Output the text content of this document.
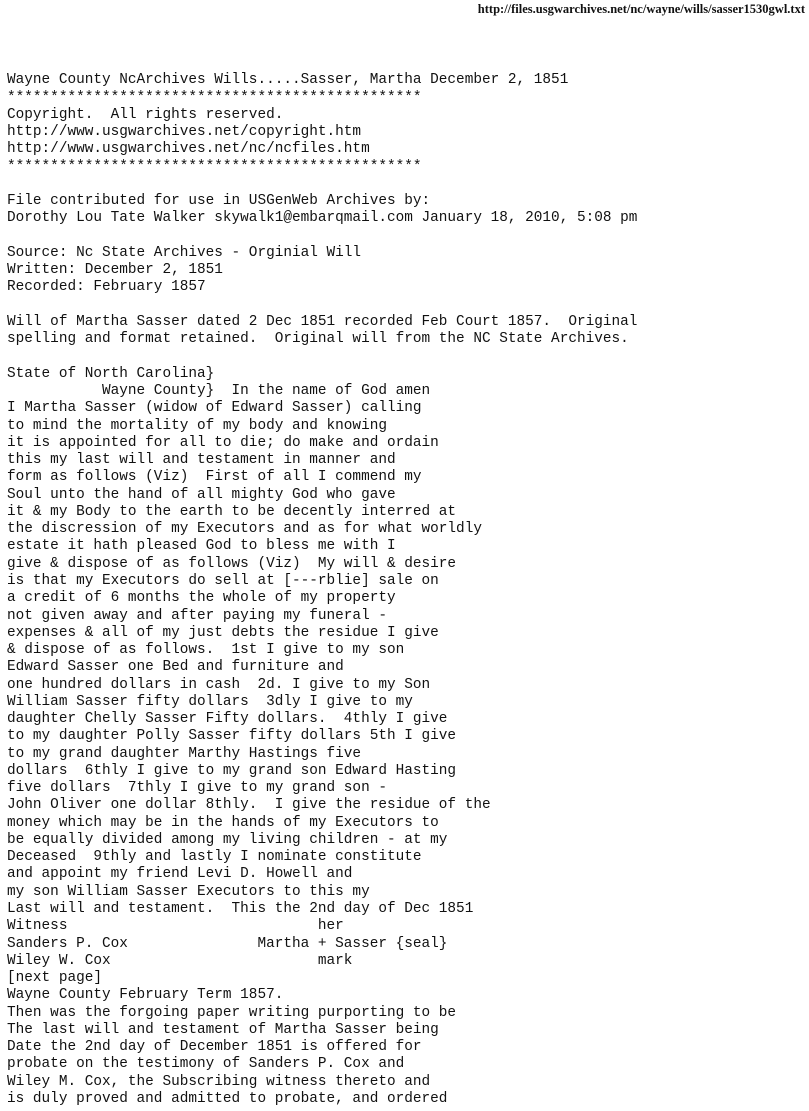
http://files.usgwarchives.net/nc/wayne/wills/sasser1530gwl.txt
Wayne County NcArchives Wills.....Sasser, Martha December 2, 1851
************************************************
Copyright.  All rights reserved.
http://www.usgwarchives.net/copyright.htm
http://www.usgwarchives.net/nc/ncfiles.htm
************************************************
File contributed for use in USGenWeb Archives by:
Dorothy Lou Tate Walker skywalk1@embarqmail.com January 18, 2010, 5:08 pm
Source: Nc State Archives - Orginial Will
Written: December 2, 1851
Recorded: February 1857
Will of Martha Sasser dated 2 Dec 1851 recorded Feb Court 1857.  Original
spelling and format retained.  Original will from the NC State Archives.
State of North Carolina}
Wayne County}  In the name of God amen
I Martha Sasser (widow of Edward Sasser) calling
to mind the mortality of my body and knowing
it is appointed for all to die; do make and ordain
this my last will and testament in manner and
form as follows (Viz)  First of all I commend my
Soul unto the hand of all mighty God who gave
it & my Body to the earth to be decently interred at
the discression of my Executors and as for what worldly
estate it hath pleased God to bless me with I
give & dispose of as follows (Viz)  My will & desire
is that my Executors do sell at [---rblie] sale on
a credit of 6 months the whole of my property
not given away and after paying my funeral -
expenses & all of my just debts the residue I give
& dispose of as follows.  1st I give to my son
Edward Sasser one Bed and furniture and
one hundred dollars in cash  2d. I give to my Son
William Sasser fifty dollars  3dly I give to my
daughter Chelly Sasser Fifty dollars.  4thly I give
to my daughter Polly Sasser fifty dollars 5th I give
to my grand daughter Marthy Hastings five
dollars  6thly I give to my grand son Edward Hasting
five dollars  7thly I give to my grand son -
John Oliver one dollar 8thly.  I give the residue of the
money which may be in the hands of my Executors to
be equally divided among my living children - at my
Deceased  9thly and lastly I nominate constitute
and appoint my friend Levi D. Howell and
my son William Sasser Executors to this my
Last will and testament.  This the 2nd day of Dec 1851
Witness                             her
Sanders P. Cox               Martha + Sasser {seal}
Wiley W. Cox                        mark
[next page]
Wayne County February Term 1857.
Then was the forgoing paper writing purporting to be
The last will and testament of Martha Sasser being
Date the 2nd day of December 1851 is offered for
probate on the testimony of Sanders P. Cox and
Wiley M. Cox, the Subscribing witness thereto and
is duly proved and admitted to probate, and ordered
